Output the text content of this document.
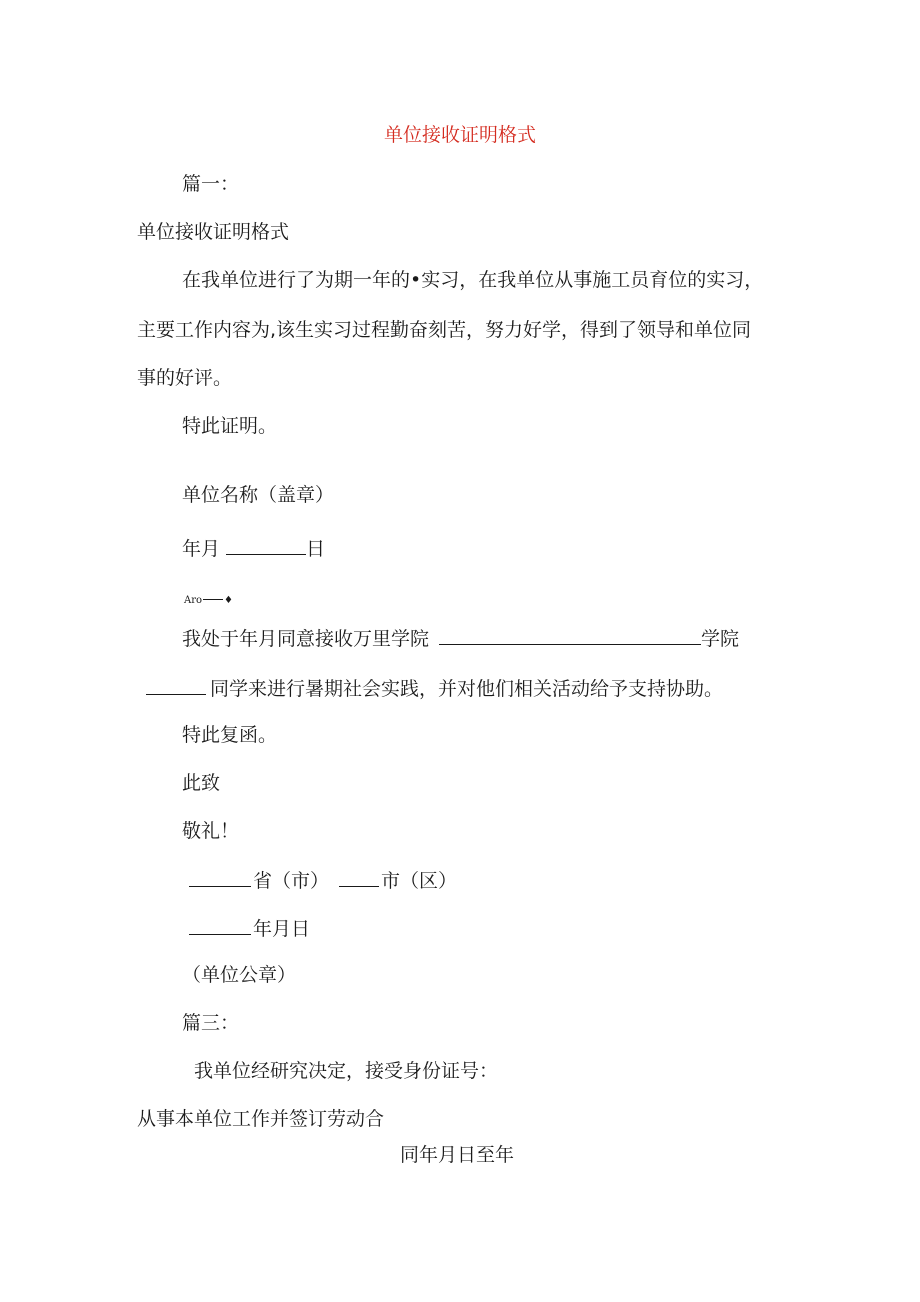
单位接收证明格式
篇一：
单位接收证明格式
在我单位进行了为期一年的•实习，在我单位从事施工员育位的实习，
主要工作内容为,该生实习过程勤奋刻苦，努力好学，得到了领导和单位同
事的好评。
特此证明。
单位名称（盖章）
年月	日
Aro ♦
我处于年月同意接收万里学院	学院
同学来进行暑期社会实践，并对他们相关活动给予支持协助。
特此复函。
此致
敬礼！
省（市）	市（区）
年月日
（单位公章）
篇三：
我单位经研究决定，接受身份证号：
从事本单位工作并签订劳动合
同年月日至年
